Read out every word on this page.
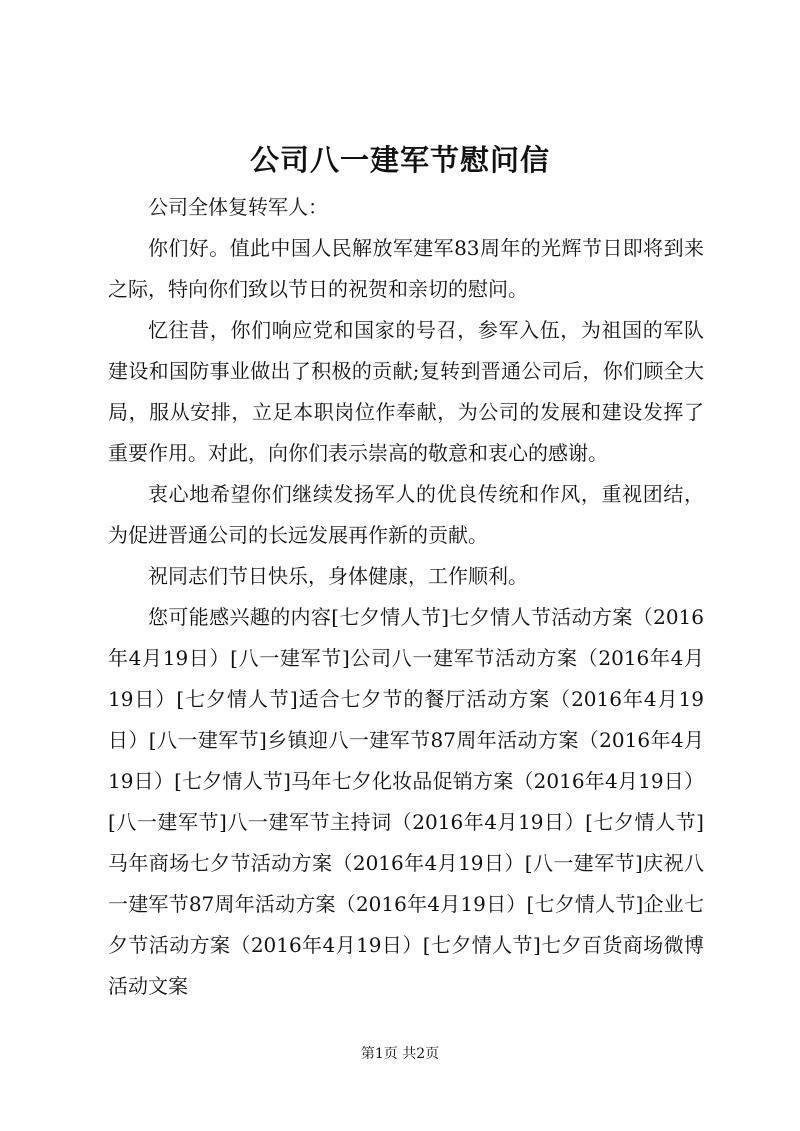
公司八一建军节慰问信

公司全体复转军人：

你们好。值此中国人民解放军建军83周年的光辉节日即将到来之际，特向你们致以节日的祝贺和亲切的慰问。

忆往昔，你们响应党和国家的号召，参军入伍，为祖国的军队建设和国防事业做出了积极的贡献;复转到晋通公司后，你们顾全大局，服从安排，立足本职岗位作奉献，为公司的发展和建设发挥了重要作用。对此，向你们表示崇高的敬意和衷心的感谢。

衷心地希望你们继续发扬军人的优良传统和作风，重视团结，为促进晋通公司的长远发展再作新的贡献。

祝同志们节日快乐，身体健康，工作顺利。

您可能感兴趣的内容[七夕情人节]七夕情人节活动方案（2016年4月19日）[八一建军节]公司八一建军节活动方案（2016年4月19日）[七夕情人节]适合七夕节的餐厅活动方案（2016年4月19日）[八一建军节]乡镇迎八一建军节87周年活动方案（2016年4月19日）[七夕情人节]马年七夕化妆品促销方案（2016年4月19日）[八一建军节]八一建军节主持词（2016年4月19日）[七夕情人节]马年商场七夕节活动方案（2016年4月19日）[八一建军节]庆祝八一建军节87周年活动方案（2016年4月19日）[七夕情人节]企业七夕节活动方案（2016年4月19日）[七夕情人节]七夕百货商场微博活动文案

第1页 共2页
